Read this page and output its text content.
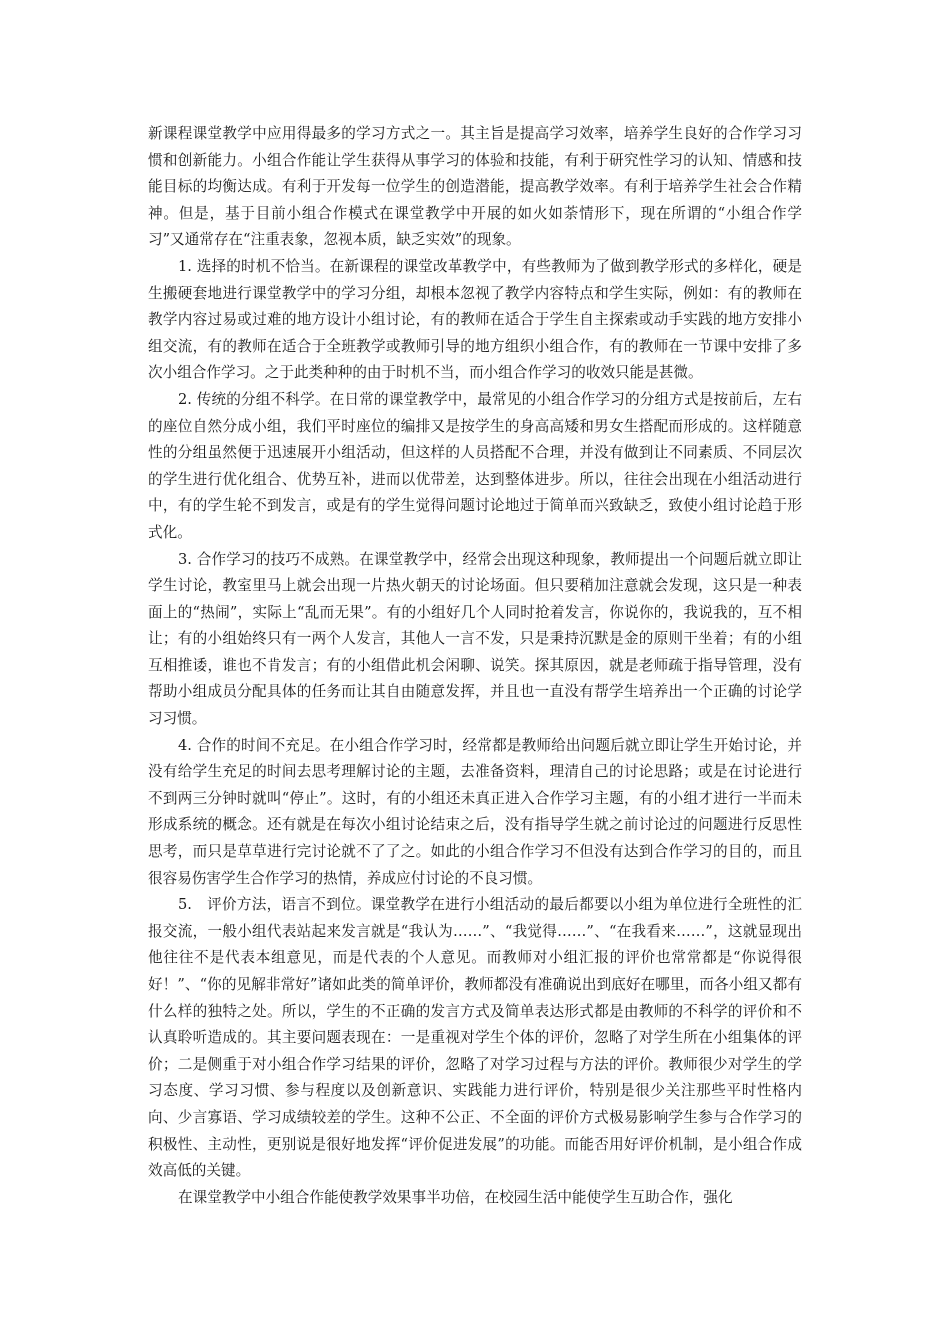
新课程课堂教学中应用得最多的学习方式之一。其主旨是提高学习效率，培养学生良好的合作学习习惯和创新能力。小组合作能让学生获得从事学习的体验和技能，有利于研究性学习的认知、情感和技能目标的均衡达成。有利于开发每一位学生的创造潜能，提高教学效率。有利于培养学生社会合作精神。但是，基于目前小组合作模式在课堂教学中开展的如火如荼情形下，现在所谓的“小组合作学习”又通常存在“注重表象，忽视本质，缺乏实效”的现象。

1. 选择的时机不恰当。在新课程的课堂改革教学中，有些教师为了做到教学形式的多样化，硬是生搬硬套地进行课堂教学中的学习分组，却根本忽视了教学内容特点和学生实际，例如：有的教师在教学内容过易或过难的地方设计小组讨论，有的教师在适合于学生自主探索或动手实践的地方安排小组交流，有的教师在适合于全班教学或教师引导的地方组织小组合作，有的教师在一节课中安排了多次小组合作学习。之于此类种种的由于时机不当，而小组合作学习的收效只能是甚微。

2. 传统的分组不科学。在日常的课堂教学中，最常见的小组合作学习的分组方式是按前后，左右的座位自然分成小组，我们平时座位的编排又是按学生的身高高矮和男女生搭配而形成的。这样随意性的分组虽然便于迅速展开小组活动，但这样的人员搭配不合理，并没有做到让不同素质、不同层次的学生进行优化组合、优势互补，进而以优带差，达到整体进步。所以，往往会出现在小组活动进行中，有的学生轮不到发言，或是有的学生觉得问题讨论地过于简单而兴致缺乏，致使小组讨论趋于形式化。

3. 合作学习的技巧不成熟。在课堂教学中，经常会出现这种现象，教师提出一个问题后就立即让学生讨论，教室里马上就会出现一片热火朝天的讨论场面。但只要稍加注意就会发现，这只是一种表面上的“热闹”，实际上“乱而无果”。有的小组好几个人同时抢着发言，你说你的，我说我的，互不相让；有的小组始终只有一两个人发言，其他人一言不发，只是秉持沉默是金的原则干坐着；有的小组互相推诿，谁也不肯发言；有的小组借此机会闲聊、说笑。探其原因，就是老师疏于指导管理，没有帮助小组成员分配具体的任务而让其自由随意发挥，并且也一直没有帮学生培养出一个正确的讨论学习习惯。

4. 合作的时间不充足。在小组合作学习时，经常都是教师给出问题后就立即让学生开始讨论，并没有给学生充足的时间去思考理解讨论的主题，去准备资料，理清自己的讨论思路；或是在讨论进行不到两三分钟时就叫“停止”。这时，有的小组还未真正进入合作学习主题，有的小组才进行一半而未形成系统的概念。还有就是在每次小组讨论结束之后，没有指导学生就之前讨论过的问题进行反思性思考，而只是草草进行完讨论就不了了之。如此的小组合作学习不但没有达到合作学习的目的，而且很容易伤害学生合作学习的热情，养成应付讨论的不良习惯。

5.　评价方法，语言不到位。课堂教学在进行小组活动的最后都要以小组为单位进行全班性的汇报交流，一般小组代表站起来发言就是“我认为……”、“我觉得……”、“在我看来……”，这就显现出他往往不是代表本组意见，而是代表的个人意见。而教师对小组汇报的评价也常常都是“你说得很好！”、“你的见解非常好”诸如此类的简单评价，教师都没有准确说出到底好在哪里，而各小组又都有什么样的独特之处。所以，学生的不正确的发言方式及简单表达形式都是由教师的不科学的评价和不认真聆听造成的。其主要问题表现在：一是重视对学生个体的评价，忽略了对学生所在小组集体的评价；二是侧重于对小组合作学习结果的评价，忽略了对学习过程与方法的评价。教师很少对学生的学习态度、学习习惯、参与程度以及创新意识、实践能力进行评价，特别是很少关注那些平时性格内向、少言寡语、学习成绩较差的学生。这种不公正、不全面的评价方式极易影响学生参与合作学习的积极性、主动性，更别说是很好地发挥“评价促进发展”的功能。而能否用好评价机制，是小组合作成效高低的关键。

在课堂教学中小组合作能使教学效果事半功倍，在校园生活中能使学生互助合作，强化
